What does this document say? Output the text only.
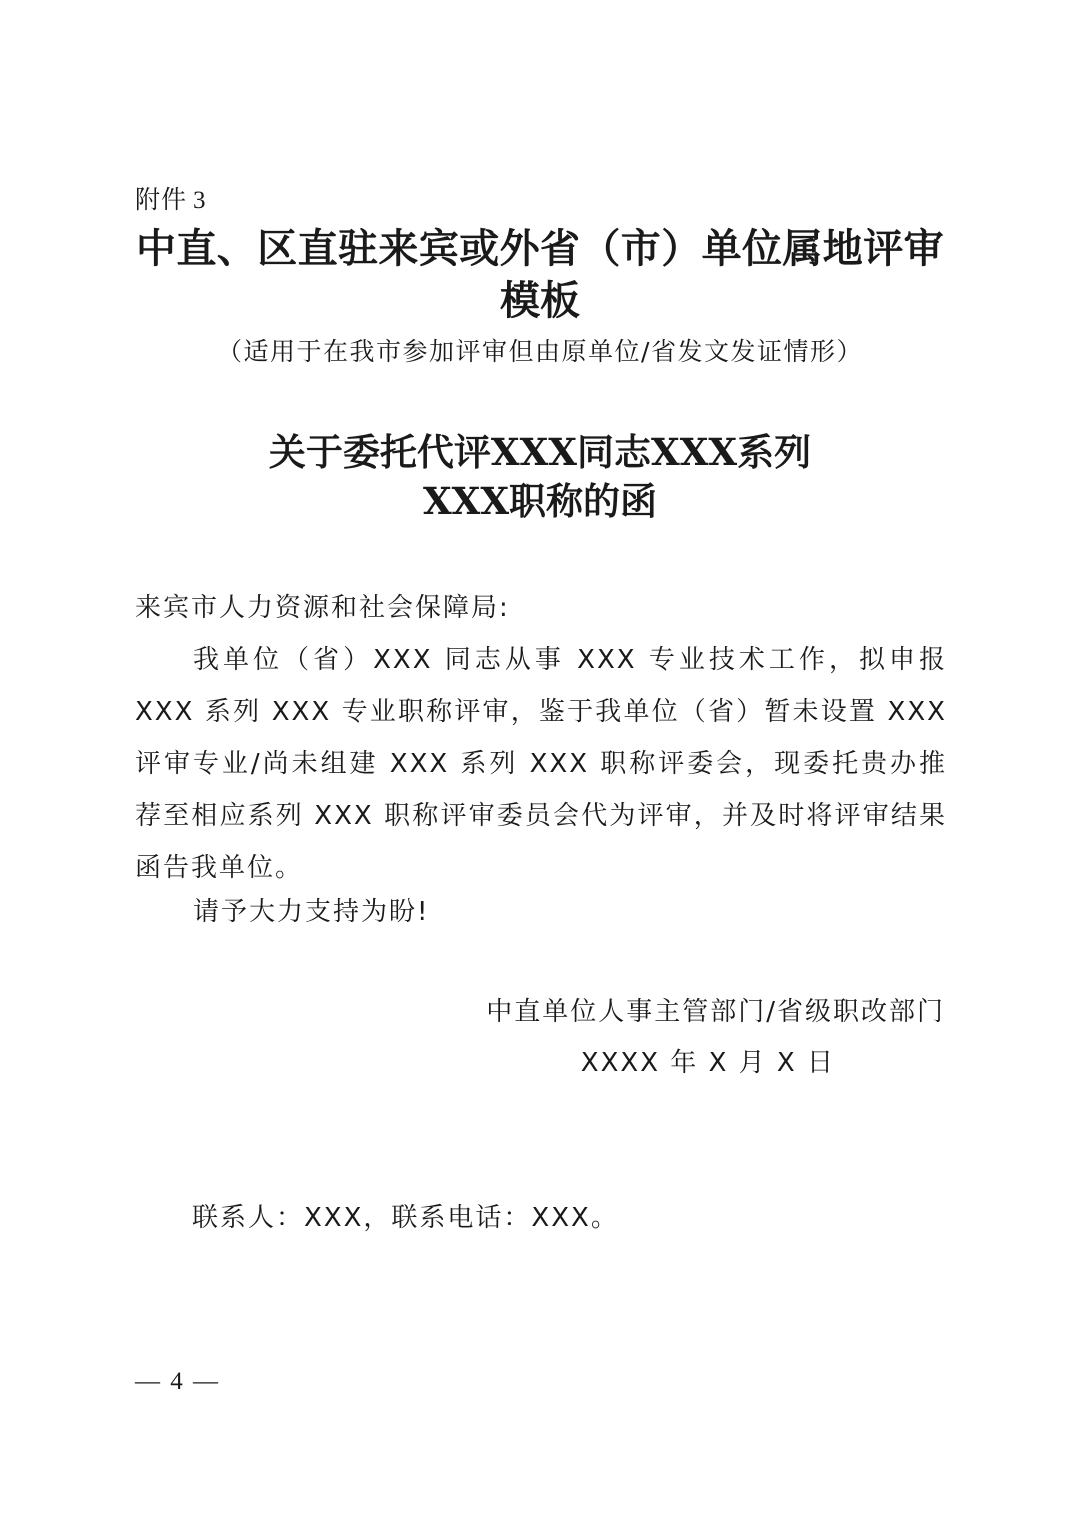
附件 3
中直、区直驻来宾或外省（市）单位属地评审
模板
（适用于在我市参加评审但由原单位/省发文发证情形）
关于委托代评XXX同志XXX系列
XXX职称的函
来宾市人力资源和社会保障局:

我单位（省）XXX 同志从事 XXX 专业技术工作，拟申报 XXX 系列 XXX 专业职称评审，鉴于我单位（省）暂未设置 XXX 评审专业/尚未组建 XXX 系列 XXX 职称评委会，现委托贵办推荐至相应系列 XXX 职称评审委员会代为评审，并及时将评审结果函告我单位。

请予大力支持为盼!

中直单位人事主管部门/省级职改部门
XXXX 年 X 月 X 日
联系人：XXX，联系电话：XXX。
— 4 —
